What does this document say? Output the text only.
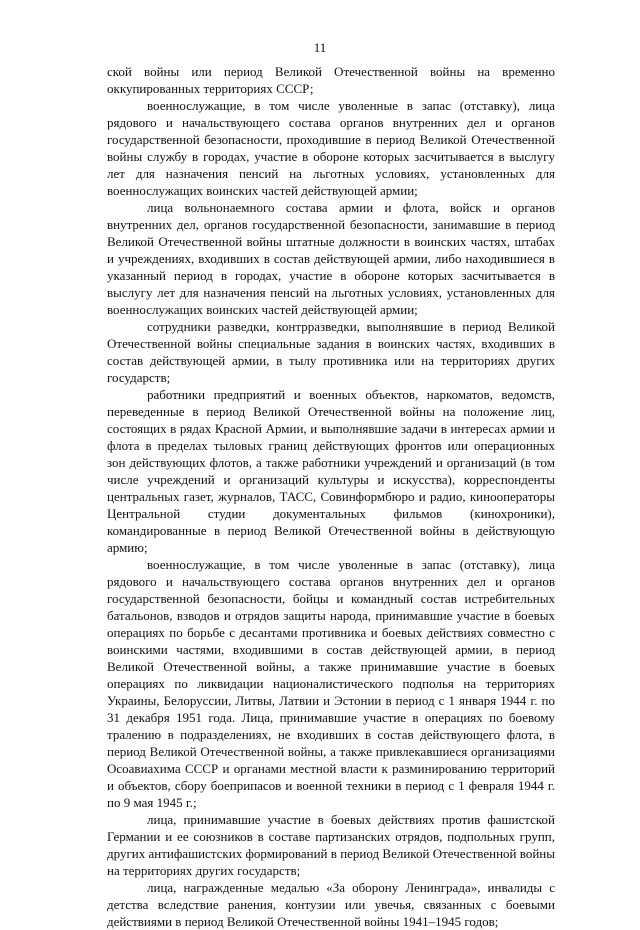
11

ской войны или период Великой Отечественной войны на временно оккупированных территориях СССР;

военнослужащие, в том числе уволенные в запас (отставку), лица рядового и начальствующего состава органов внутренних дел и органов государственной безопасности, проходившие в период Великой Отечественной войны службу в городах, участие в обороне которых засчитывается в выслугу лет для назначения пенсий на льготных условиях, установленных для военнослужащих воинских частей действующей армии;

лица вольнонаемного состава армии и флота, войск и органов внутренних дел, органов государственной безопасности, занимавшие в период Великой Отечественной войны штатные должности в воинских частях, штабах и учреждениях, входивших в состав действующей армии, либо находившиеся в указанный период в городах, участие в обороне которых засчитывается в выслугу лет для назначения пенсий на льготных условиях, установленных для военнослужащих воинских частей действующей армии;

сотрудники разведки, контрразведки, выполнявшие в период Великой Отечественной войны специальные задания в воинских частях, входивших в состав действующей армии, в тылу противника или на территориях других государств;

работники предприятий и военных объектов, наркоматов, ведомств, переведенные в период Великой Отечественной войны на положение лиц, состоящих в рядах Красной Армии, и выполнявшие задачи в интересах армии и флота в пределах тыловых границ действующих фронтов или операционных зон действующих флотов, а также работники учреждений и организаций (в том числе учреждений и организаций культуры и искусства), корреспонденты центральных газет, журналов, ТАСС, Совинформбюро и радио, кинооператоры Центральной студии документальных фильмов (кинохроники), командированные в период Великой Отечественной войны в действующую армию;

военнослужащие, в том числе уволенные в запас (отставку), лица рядового и начальствующего состава органов внутренних дел и органов государственной безопасности, бойцы и командный состав истребительных батальонов, взводов и отрядов защиты народа, принимавшие участие в боевых операциях по борьбе с десантами противника и боевых действиях совместно с воинскими частями, входившими в состав действующей армии, в период Великой Отечественной войны, а также принимавшие участие в боевых операциях по ликвидации националистического подполья на территориях Украины, Белоруссии, Литвы, Латвии и Эстонии в период с 1 января 1944 г. по 31 декабря 1951 года. Лица, принимавшие участие в операциях по боевому тралению в подразделениях, не входивших в состав действующего флота, в период Великой Отечественной войны, а также привлекавшиеся организациями Осоавиахима СССР и органами местной власти к разминированию территорий и объектов, сбору боеприпасов и военной техники в период с 1 февраля 1944 г. по 9 мая 1945 г.;

лица, принимавшие участие в боевых действиях против фашистской Германии и ее союзников в составе партизанских отрядов, подпольных групп, других антифашистских формирований в период Великой Отечественной войны на территориях других государств;

лица, награжденные медалью «За оборону Ленинграда», инвалиды с детства вследствие ранения, контузии или увечья, связанных с боевыми действиями в период Великой Отечественной войны 1941–1945 годов;
